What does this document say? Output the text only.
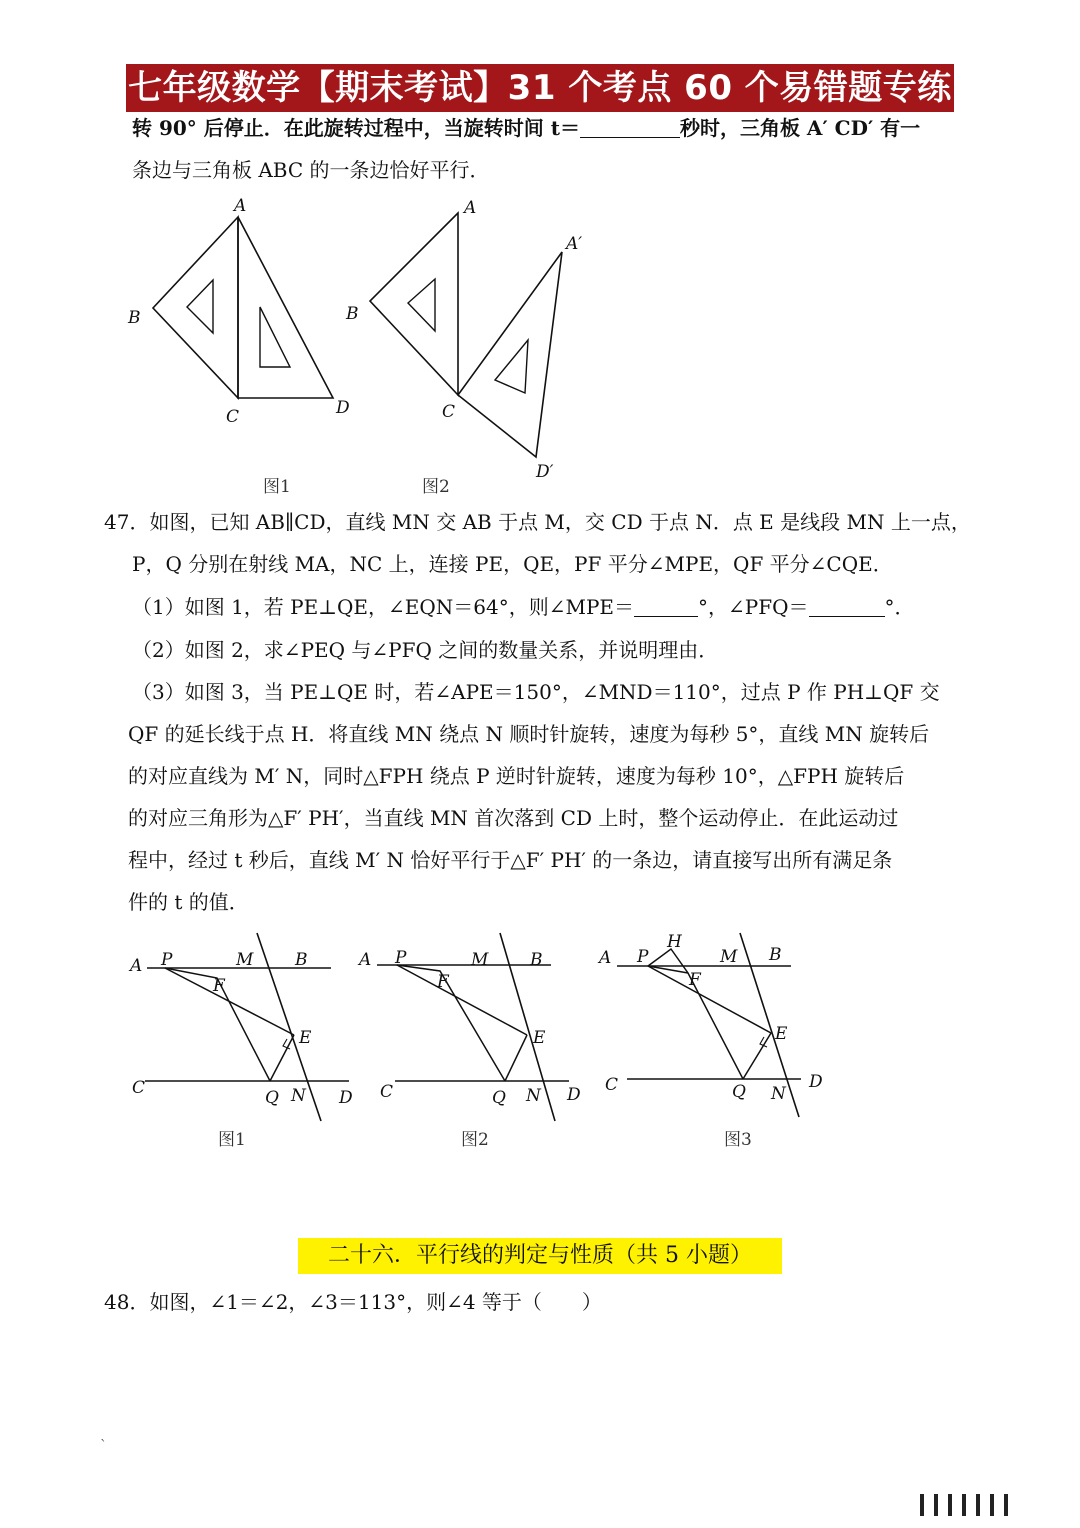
七年级数学【期末考试】31 个考点 60 个易错题专练
转 90° 后停止．在此旋转过程中，当旋转时间 t＝	秒时，三角板 A′ CD′ 有一
条边与三角板 ABC 的一条边恰好平行．
A
B
C	D
图1
A
B
C
A′
D′
图2
47．如图，已知 AB∥CD，直线 MN 交 AB 于点 M，交 CD 于点 N．点 E 是线段 MN 上一点，
P，Q 分别在射线 MA，NC 上，连接 PE，QE，PF 平分∠MPE，QF 平分∠CQE．
（1）如图 1，若 PE⊥QE，∠EQN＝64°，则∠MPE＝	°，∠PFQ＝	°．
（2）如图 2，求∠PEQ 与∠PFQ 之间的数量关系，并说明理由．
（3）如图 3，当 PE⊥QE 时，若∠APE＝150°，∠MND＝110°，过点 P 作 PH⊥QF 交
QF 的延长线于点 H．将直线 MN 绕点 N 顺时针旋转，速度为每秒 5°，直线 MN 旋转后
的对应直线为 M′ N，同时△FPH 绕点 P 逆时针旋转，速度为每秒 10°，△FPH 旋转后
的对应三角形为△F′ PH′，当直线 MN 首次落到 CD 上时，整个运动停止．在此运动过
程中，经过 t 秒后，直线 M′ N 恰好平行于△F′ PH′ 的一条边，请直接写出所有满足条
件的 t 的值．
A P	M B
F
E
C	Q N D
图1
A P	M B
F
E
C	Q N D
图2
A P
H
M B
F
E
C	Q N
D
图3
二十六．平行线的判定与性质（共 5 小题）
48．如图，∠1＝∠2，∠3＝113°，则∠4 等于（　　）
ˋ
